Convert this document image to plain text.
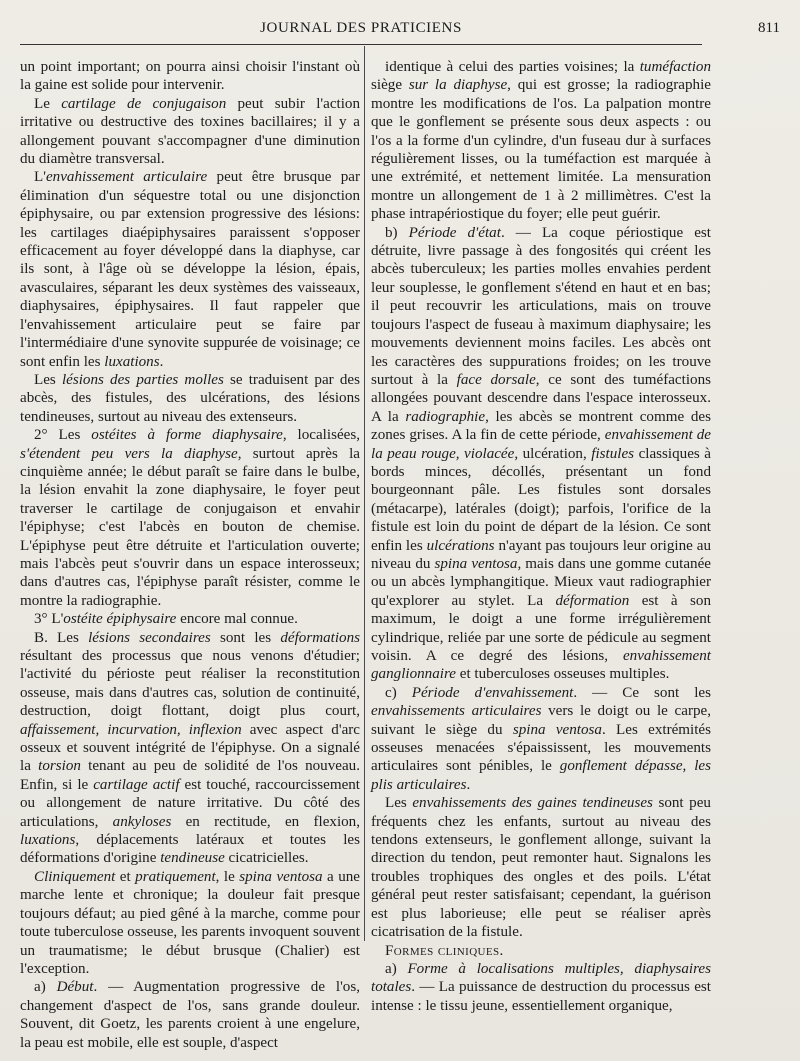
JOURNAL DES PRATICIENS	811

un point important; on pourra ainsi choisir l'instant où la gaine est solide pour intervenir.

Le cartilage de conjugaison peut subir l'action irritative ou destructive des toxines bacillaires; il y a allongement pouvant s'accompagner d'une diminution du diamètre transversal.

L'envahissement articulaire peut être brusque par élimination d'un séquestre total ou une disjonction épiphysaire, ou par extension progressive des lésions: les cartilages diaépiphysaires paraissent s'opposer efficacement au foyer développé dans la diaphyse, car ils sont, à l'âge où se développe la lésion, épais, avasculaires, séparant les deux systèmes des vaisseaux, diaphysaires, épiphysaires. Il faut rappeler que l'envahissement articulaire peut se faire par l'intermédiaire d'une synovite suppurée de voisinage; ce sont enfin les luxations.

Les lésions des parties molles se traduisent par des abcès, des fistules, des ulcérations, des lésions tendineuses, surtout au niveau des extenseurs.

2° Les ostéites à forme diaphysaire, localisées, s'étendent peu vers la diaphyse, surtout après la cinquième année; le début paraît se faire dans le bulbe, la lésion envahit la zone diaphysaire, le foyer peut traverser le cartilage de conjugaison et envahir l'épiphyse; c'est l'abcès en bouton de chemise. L'épiphyse peut être détruite et l'articulation ouverte; mais l'abcès peut s'ouvrir dans un espace interosseux; dans d'autres cas, l'épiphyse paraît résister, comme le montre la radiographie.

3° L'ostéite épiphysaire encore mal connue.

B. Les lésions secondaires sont les déformations résultant des processus que nous venons d'étudier; l'activité du périoste peut réaliser la reconstitution osseuse, mais dans d'autres cas, solution de continuité, destruction, doigt flottant, doigt plus court, affaissement, incurvation, inflexion avec aspect d'arc osseux et souvent intégrité de l'épiphyse. On a signalé la torsion tenant au peu de solidité de l'os nouveau. Enfin, si le cartilage actif est touché, raccourcissement ou allongement de nature irritative. Du côté des articulations, ankyloses en rectitude, en flexion, luxations, déplacements latéraux et toutes les déformations d'origine tendineuse cicatricielles.

Cliniquement et pratiquement, le spina ventosa a une marche lente et chronique; la douleur fait presque toujours défaut; au pied gêné à la marche, comme pour toute tuberculose osseuse, les parents invoquent souvent un traumatisme; le début brusque (Chalier) est l'exception.

a) Début. — Augmentation progressive de l'os, changement d'aspect de l'os, sans grande douleur. Souvent, dit Goetz, les parents croient à une engelure, la peau est mobile, elle est souple, d'aspect

identique à celui des parties voisines; la tuméfaction siège sur la diaphyse, qui est grosse; la radiographie montre les modifications de l'os. La palpation montre que le gonflement se présente sous deux aspects : ou l'os a la forme d'un cylindre, d'un fuseau dur à surfaces régulièrement lisses, ou la tuméfaction est marquée à une extrémité, et nettement limitée. La mensuration montre un allongement de 1 à 2 millimètres. C'est la phase intrapériostique du foyer; elle peut guérir.

b) Période d'état. — La coque périostique est détruite, livre passage à des fongosités qui créent les abcès tuberculeux; les parties molles envahies perdent leur souplesse, le gonflement s'étend en haut et en bas; il peut recouvrir les articulations, mais on trouve toujours l'aspect de fuseau à maximum diaphysaire; les mouvements deviennent moins faciles. Les abcès ont les caractères des suppurations froides; on les trouve surtout à la face dorsale, ce sont des tuméfactions allongées pouvant descendre dans l'espace interosseux. A la radiographie, les abcès se montrent comme des zones grises. A la fin de cette période, envahissement de la peau rouge, violacée, ulcération, fistules classiques à bords minces, décollés, présentant un fond bourgeonnant pâle. Les fistules sont dorsales (métacarpe), latérales (doigt); parfois, l'orifice de la fistule est loin du point de départ de la lésion. Ce sont enfin les ulcérations n'ayant pas toujours leur origine au niveau du spina ventosa, mais dans une gomme cutanée ou un abcès lymphangitique. Mieux vaut radiographier qu'explorer au stylet. La déformation est à son maximum, le doigt a une forme irrégulièrement cylindrique, reliée par une sorte de pédicule au segment voisin. A ce degré des lésions, envahissement ganglionnaire et tuberculoses osseuses multiples.

c) Période d'envahissement. — Ce sont les envahissements articulaires vers le doigt ou le carpe, suivant le siège du spina ventosa. Les extrémités osseuses menacées s'épaississent, les mouvements articulaires sont pénibles, le gonflement dépasse, les plis articulaires.

Les envahissements des gaines tendineuses sont peu fréquents chez les enfants, surtout au niveau des tendons extenseurs, le gonflement allonge, suivant la direction du tendon, peut remonter haut. Signalons les troubles trophiques des ongles et des poils. L'état général peut rester satisfaisant; cependant, la guérison est plus laborieuse; elle peut se réaliser après cicatrisation de la fistule.

Formes cliniques.

a) Forme à localisations multiples, diaphysaires totales. — La puissance de destruction du processus est intense : le tissu jeune, essentiellement organique,
